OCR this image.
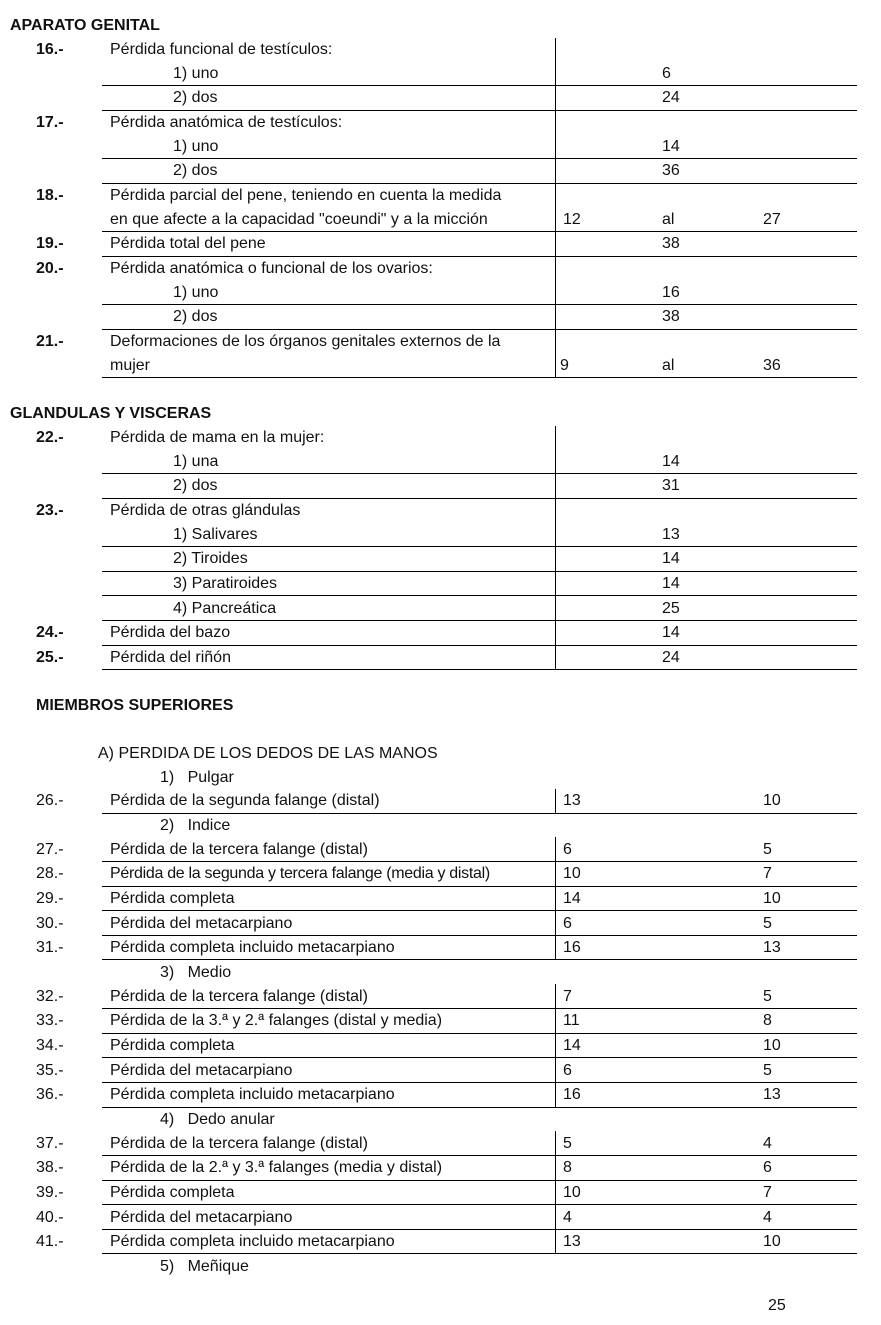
APARATO GENITAL
16.-	Pérdida funcional de testículos:
1) uno	6
2) dos	24
17.-	Pérdida anatómica de testículos:
1) uno	14
2) dos	36
18.-	Pérdida parcial del pene, teniendo en cuenta la medida
en que afecte a la capacidad "coeundi" y a la micción	12	al	27
19.-	Pérdida total del pene	38
20.-	Pérdida anatómica o funcional de los ovarios:
1) uno	16
2) dos	38
21.-	Deformaciones de los órganos genitales externos de la
mujer	9	al	36
GLANDULAS Y VISCERAS
22.-	Pérdida de mama en la mujer:
1) una	14
2) dos	31
23.-	Pérdida de otras glándulas
1) Salivares	13
2) Tiroides	14
3) Paratiroides	14
4) Pancreática	25
24.-	Pérdida del bazo	14
25.-	Pérdida del riñón	24
MIEMBROS SUPERIORES
A) PERDIDA DE LOS DEDOS DE LAS MANOS
1)   Pulgar
26.-	Pérdida de la segunda falange (distal)	13	10
2)   Indice
27.-	Pérdida de la tercera falange (distal)	6	5
28.-	Pérdida de la segunda y tercera falange (media y distal)	10	7
29.-	Pérdida completa	14	10
30.-	Pérdida del metacarpiano	6	5
31.-	Pérdida completa incluido metacarpiano	16	13
3)   Medio
32.-	Pérdida de la tercera falange (distal)	7	5
33.-	Pérdida de la 3.ª y 2.ª falanges (distal y media)	11	8
34.-	Pérdida completa	14	10
35.-	Pérdida del metacarpiano	6	5
36.-	Pérdida completa incluido metacarpiano	16	13
4)   Dedo anular
37.-	Pérdida de la tercera falange (distal)	5	4
38.-	Pérdida de la 2.ª y 3.ª falanges (media y distal)	8	6
39.-	Pérdida completa	10	7
40.-	Pérdida del metacarpiano	4	4
41.-	Pérdida completa incluido metacarpiano	13	10
5)   Meñique
25
